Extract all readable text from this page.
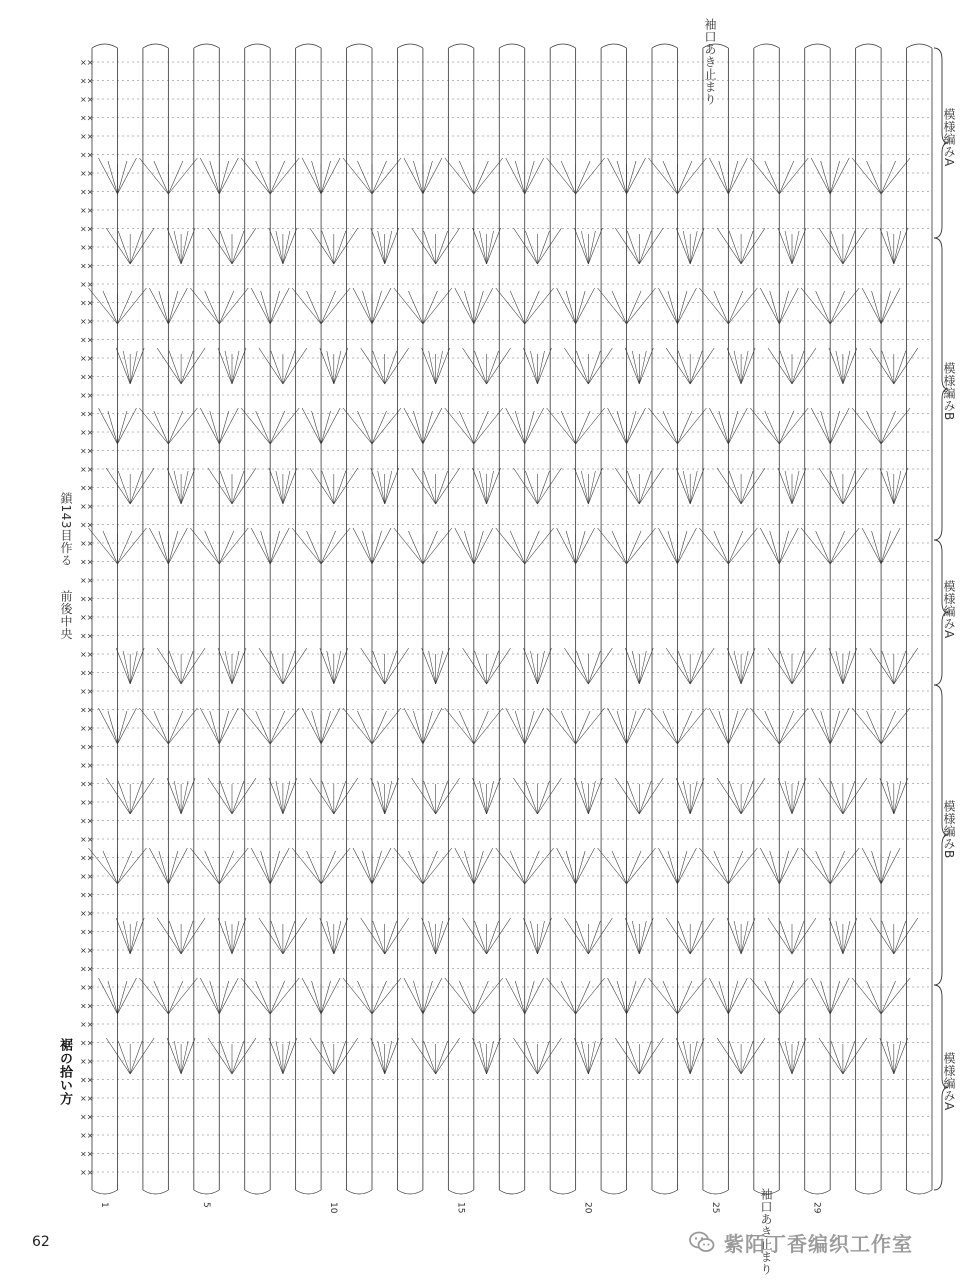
××
××
××
××
××
××
××
××
××
××
××
××
××
××
××
××
××
××
××
××
××
××
××
××
××
××
××
××
××
××
××
××
××
××
××
××
××
××
××
××
××
××
××
××
××
××
××
××
××
××
××
××
××
××
××
××
××
××
××
××
××
1	5	10	15	20	25	29
袖口あき止まり
袖口あき止まり
模様編みA
模様編みB
模様編みA
模様編みB
模様編みA
鎖143目作る
前後中央
裾の拾い方
62	紫陌丁香编织工作室
